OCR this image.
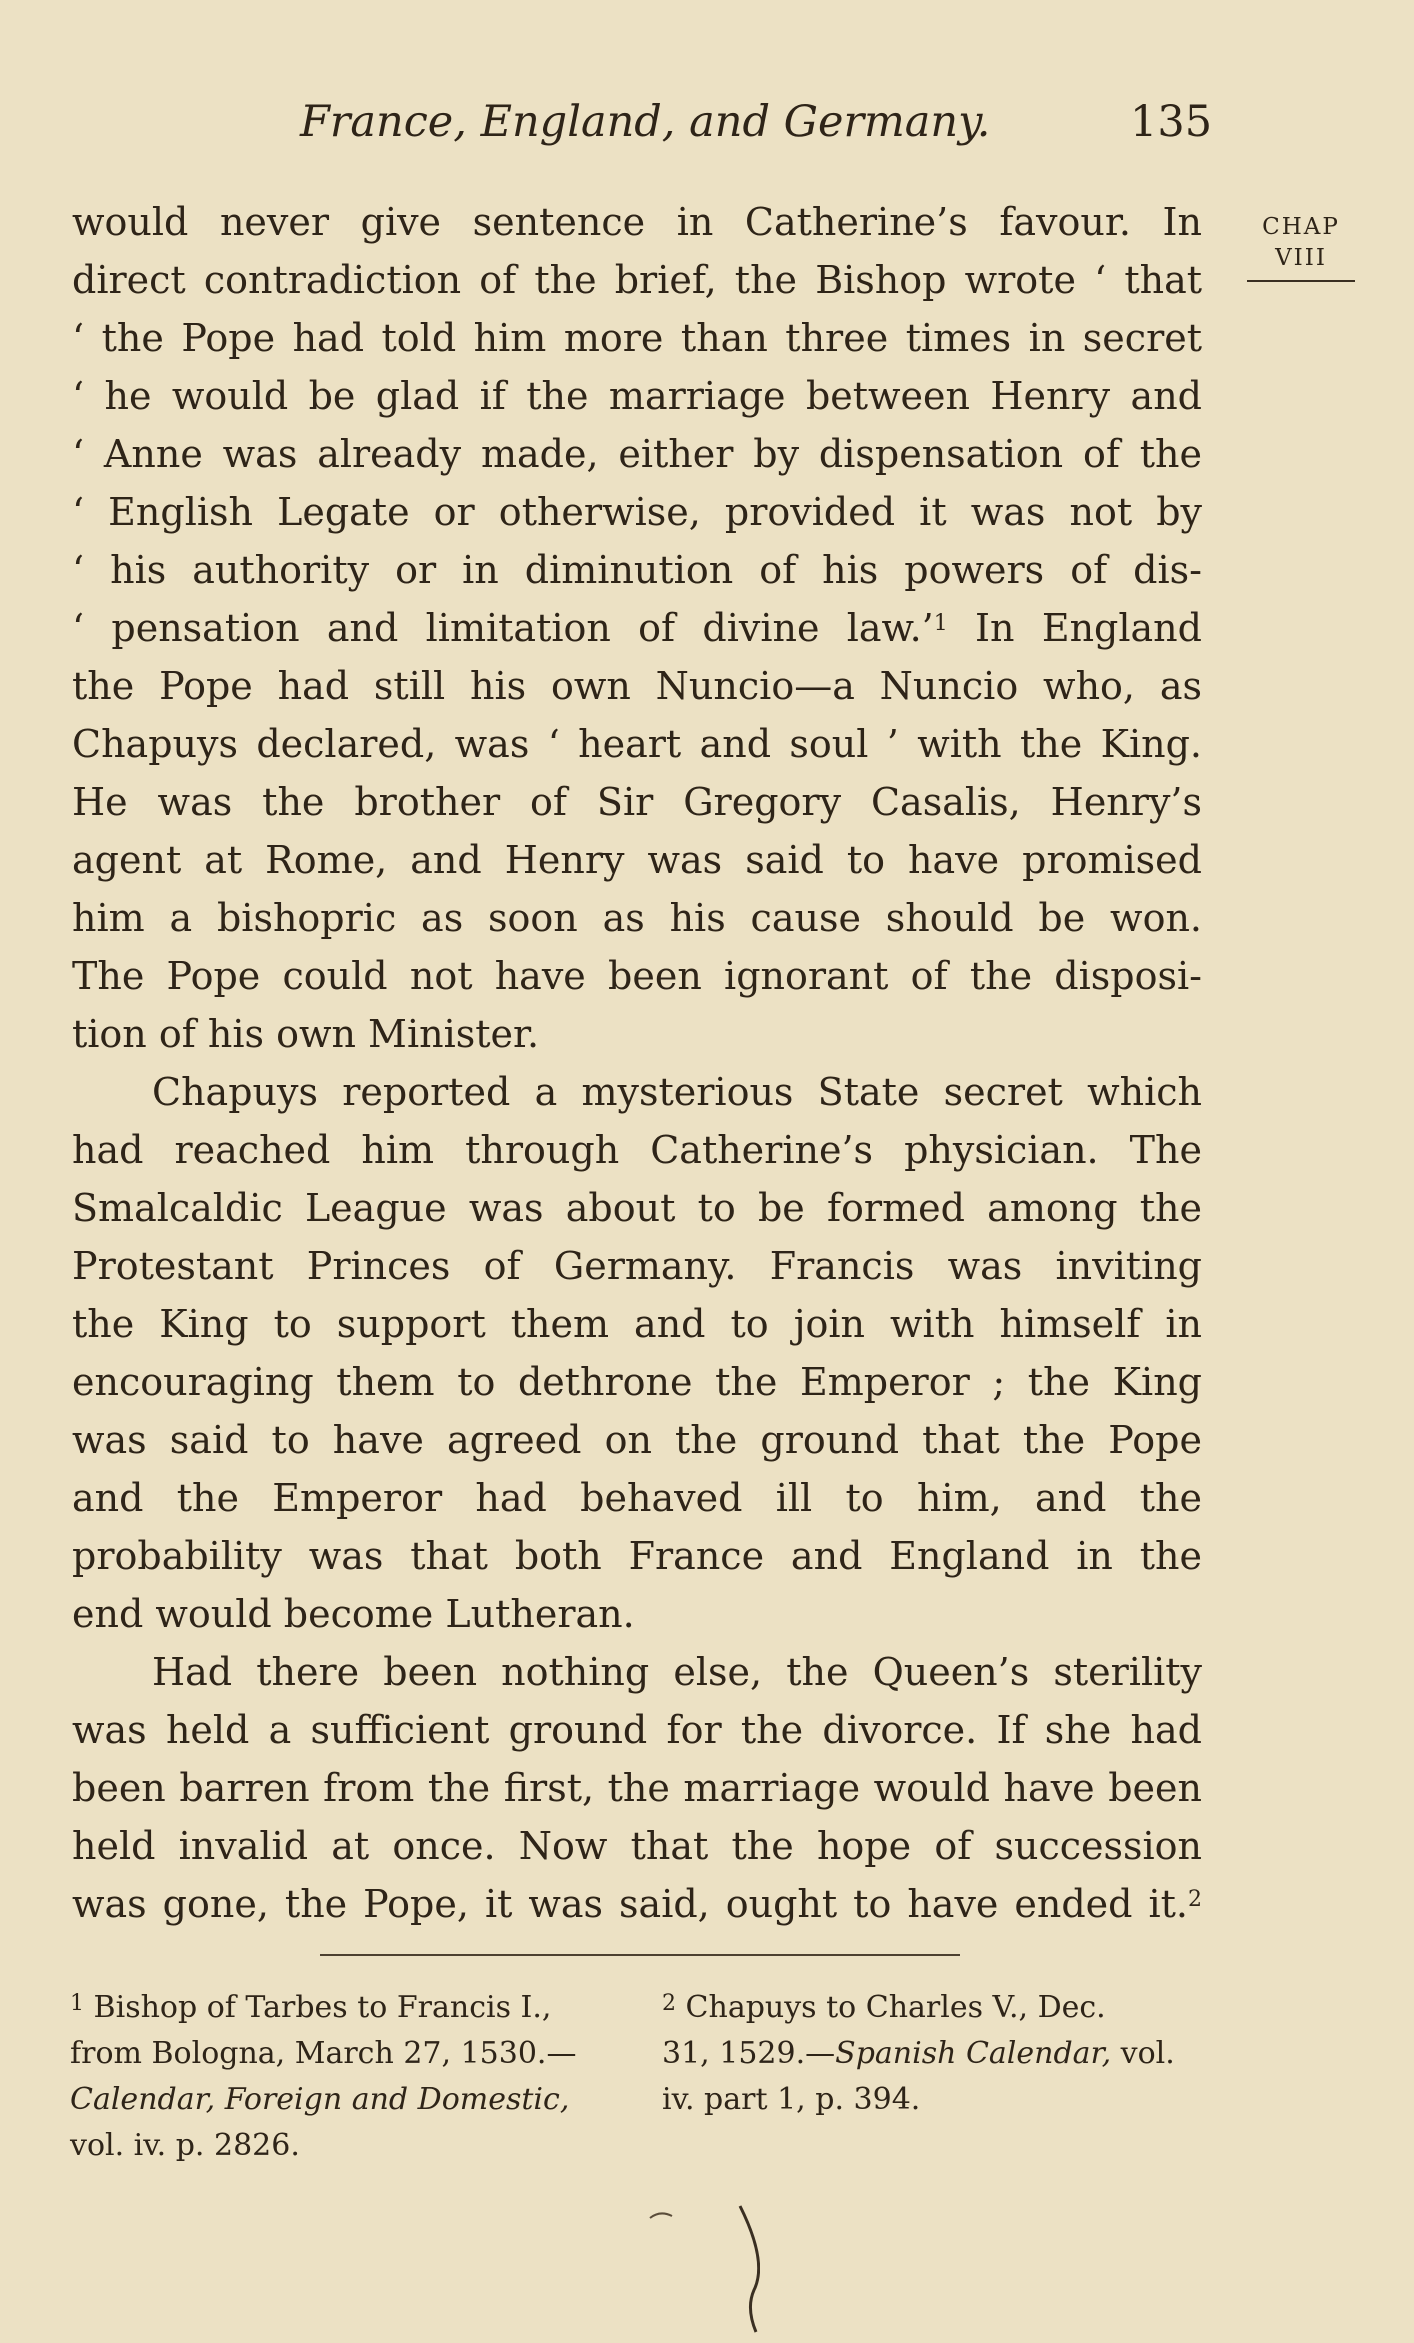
France, England, and Germany.	135
CHAP
VIII
would never give sentence in Catherine’s favour. In
direct contradiction of the brief, the Bishop wrote ‘ that
‘ the Pope had told him more than three times in secret
‘ he would be glad if the marriage between Henry and
‘ Anne was already made, either by dispensation of the
‘ English Legate or otherwise, provided it was not by
‘ his authority or in diminution of his powers of dis-
‘ pensation and limitation of divine law.’$^1$ In England
the Pope had still his own Nuncio—a Nuncio who, as
Chapuys declared, was ‘ heart and soul ’ with the King.
He was the brother of Sir Gregory Casalis, Henry’s
agent at Rome, and Henry was said to have promised
him a bishopric as soon as his cause should be won.
The Pope could not have been ignorant of the disposi-
tion of his own Minister.
Chapuys reported a mysterious State secret which
had reached him through Catherine’s physician. The
Smalcaldic League was about to be formed among the
Protestant Princes of Germany. Francis was inviting
the King to support them and to join with himself in
encouraging them to dethrone the Emperor ; the King
was said to have agreed on the ground that the Pope
and the Emperor had behaved ill to him, and the
probability was that both France and England in the
end would become Lutheran.
Had there been nothing else, the Queen’s sterility
was held a sufficient ground for the divorce. If she had
been barren from the first, the marriage would have been
held invalid at once. Now that the hope of succession
was gone, the Pope, it was said, ought to have ended it.$^2$
$^1$ Bishop of Tarbes to Francis I.,
from Bologna, March 27, 1530.—
Calendar, Foreign and Domestic,
vol. iv. p. 2826.
$^2$ Chapuys to Charles V., Dec.
31, 1529.—Spanish Calendar, vol.
iv. part 1, p. 394.
